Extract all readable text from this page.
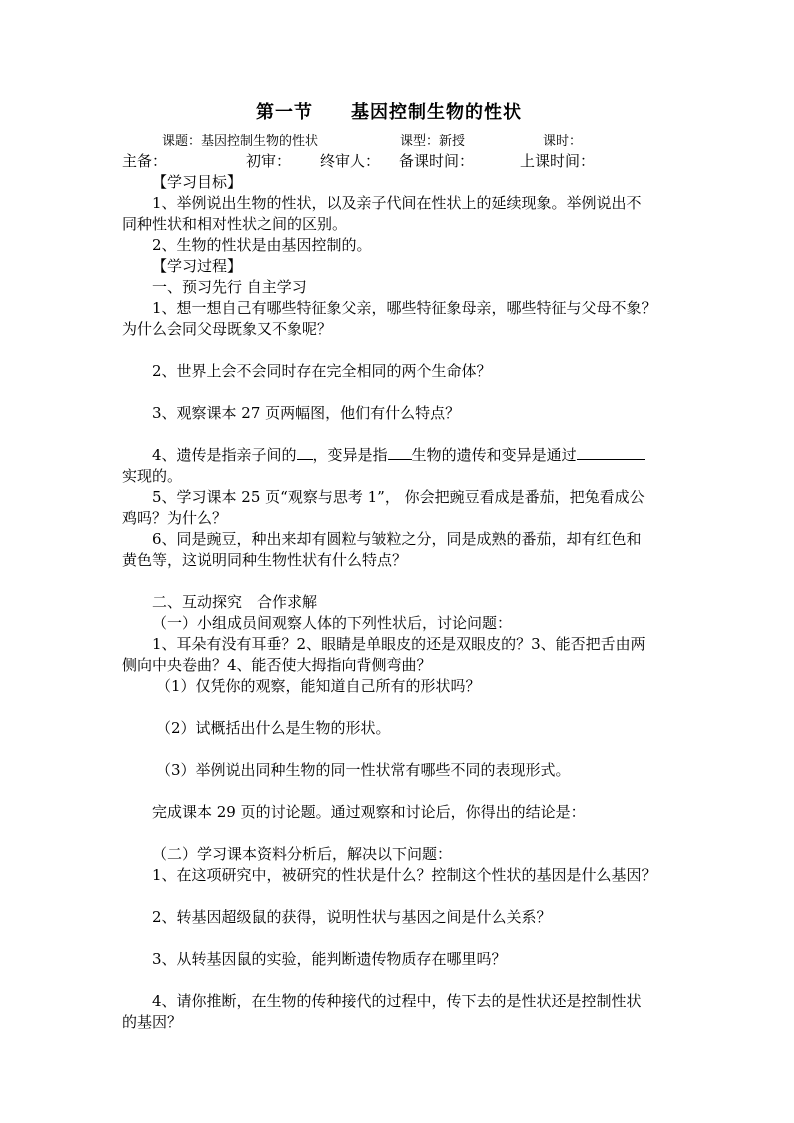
第一节　　基因控制生物的性状
课题：基因控制生物的性状	课型：新授	课时：
主备：	初审： 终审人： 备课时间：	上课时间：
【学习目标】
1、举例说出生物的性状，以及亲子代间在性状上的延续现象。举例说出不
同种性状和相对性状之间的区别。
2、生物的性状是由基因控制的。
【学习过程】
一、预习先行 自主学习
1、想一想自己有哪些特征象父亲，哪些特征象母亲，哪些特征与父母不象？
为什么会同父母既象又不象呢？
2、世界上会不会同时存在完全相同的两个生命体？
3、观察课本 27 页两幅图，他们有什么特点？
4、遗传是指亲子间的 ，变异是指 生物的遗传和变异是通过
实现的。
5、学习课本 25 页“观察与思考 1”， 你会把豌豆看成是番茄，把兔看成公
鸡吗？为什么？
6、同是豌豆，种出来却有圆粒与皱粒之分，同是成熟的番茄，却有红色和
黄色等，这说明同种生物性状有什么特点？
二、互动探究　合作求解
（一）小组成员间观察人体的下列性状后，讨论问题：
1、耳朵有没有耳垂？2、眼睛是单眼皮的还是双眼皮的？3、能否把舌由两
侧向中央卷曲？4、能否使大拇指向背侧弯曲？
（1）仅凭你的观察，能知道自己所有的形状吗？
（2）试概括出什么是生物的形状。
（3）举例说出同种生物的同一性状常有哪些不同的表现形式。
完成课本 29 页的讨论题。通过观察和讨论后，你得出的结论是：
（二）学习课本资料分析后，解决以下问题：
1、在这项研究中，被研究的性状是什么？控制这个性状的基因是什么基因？
2、转基因超级鼠的获得，说明性状与基因之间是什么关系？
3、从转基因鼠的实验，能判断遗传物质存在哪里吗？
4、请你推断，在生物的传种接代的过程中，传下去的是性状还是控制性状
的基因？
